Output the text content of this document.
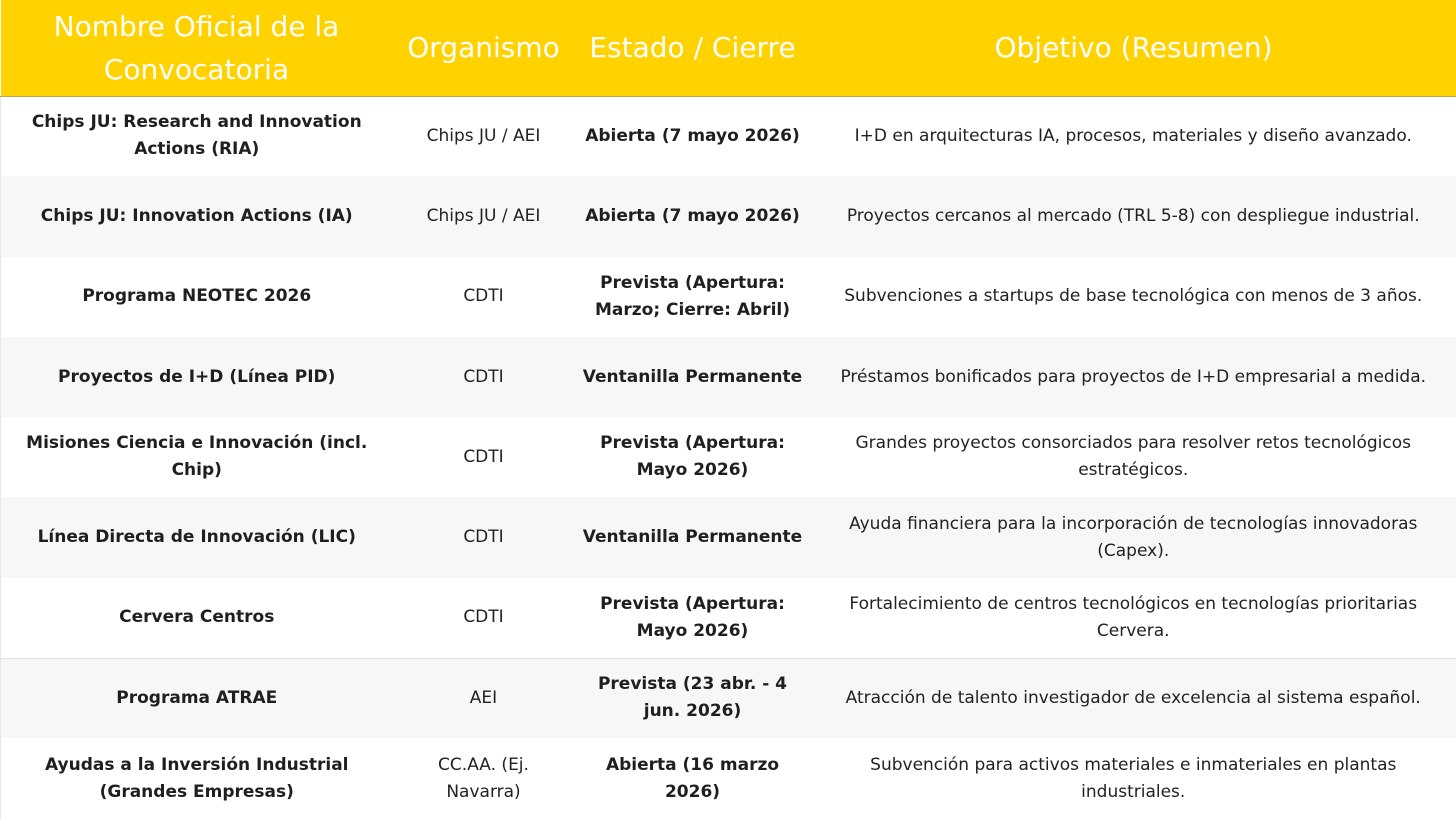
Nombre Oficial de la Convocatoria	Organismo	Estado / Cierre	Objetivo (Resumen)
Chips JU: Research and Innovation Actions (RIA)	Chips JU / AEI	Abierta (7 mayo 2026)	I+D en arquitecturas IA, procesos, materiales y diseño avanzado.
Chips JU: Innovation Actions (IA)	Chips JU / AEI	Abierta (7 mayo 2026)	Proyectos cercanos al mercado (TRL 5-8) con despliegue industrial.
Programa NEOTEC 2026	CDTI	Prevista (Apertura: Marzo; Cierre: Abril)	Subvenciones a startups de base tecnológica con menos de 3 años.
Proyectos de I+D (Línea PID)	CDTI	Ventanilla Permanente	Préstamos bonificados para proyectos de I+D empresarial a medida.
Misiones Ciencia e Innovación (incl. Chip)	CDTI	Prevista (Apertura: Mayo 2026)	Grandes proyectos consorciados para resolver retos tecnológicos estratégicos.
Línea Directa de Innovación (LIC)	CDTI	Ventanilla Permanente	Ayuda financiera para la incorporación de tecnologías innovadoras (Capex).
Cervera Centros	CDTI	Prevista (Apertura: Mayo 2026)	Fortalecimiento de centros tecnológicos en tecnologías prioritarias Cervera.
Programa ATRAE	AEI	Prevista (23 abr. - 4 jun. 2026)	Atracción de talento investigador de excelencia al sistema español.
Ayudas a la Inversión Industrial (Grandes Empresas)	CC.AA. (Ej. Navarra)	Abierta (16 marzo 2026)	Subvención para activos materiales e inmateriales en plantas industriales.
